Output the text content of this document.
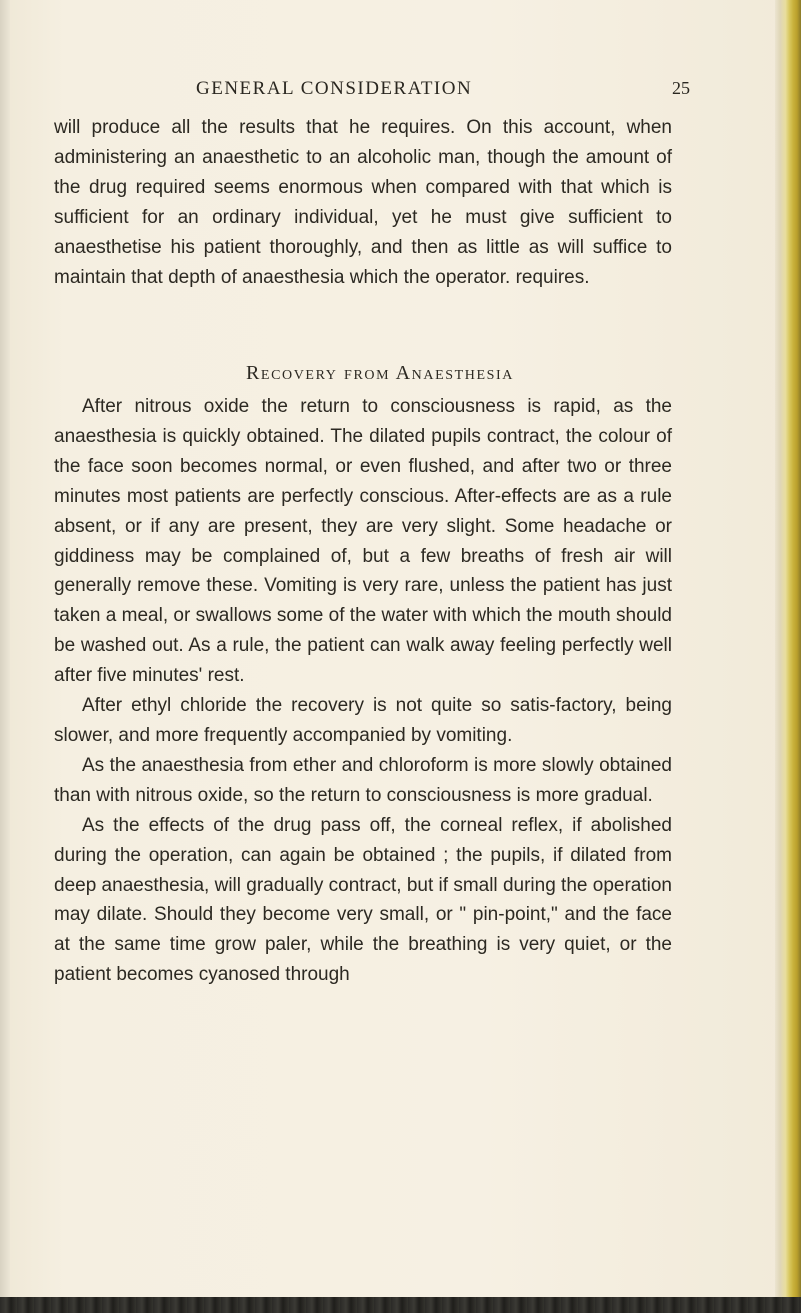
GENERAL CONSIDERATION	25

will produce all the results that he requires. On this account, when administering an anaesthetic to an alcoholic man, though the amount of the drug required seems enormous when compared with that which is sufficient for an ordinary individual, yet he must give sufficient to anaesthetise his patient thoroughly, and then as little as will suffice to maintain that depth of anaesthesia which the operator. requires.

Recovery from Anaesthesia

After nitrous oxide the return to consciousness is rapid, as the anaesthesia is quickly obtained. The dilated pupils contract, the colour of the face soon becomes normal, or even flushed, and after two or three minutes most patients are perfectly conscious. After-effects are as a rule absent, or if any are present, they are very slight. Some headache or giddiness may be complained of, but a few breaths of fresh air will generally remove these. Vomiting is very rare, unless the patient has just taken a meal, or swallows some of the water with which the mouth should be washed out. As a rule, the patient can walk away feeling perfectly well after five minutes' rest.

After ethyl chloride the recovery is not quite so satis-factory, being slower, and more frequently accompanied by vomiting.

As the anaesthesia from ether and chloroform is more slowly obtained than with nitrous oxide, so the return to consciousness is more gradual.

As the effects of the drug pass off, the corneal reflex, if abolished during the operation, can again be obtained ; the pupils, if dilated from deep anaesthesia, will gradually contract, but if small during the operation may dilate. Should they become very small, or " pin-point," and the face at the same time grow paler, while the breathing is very quiet, or the patient becomes cyanosed through
